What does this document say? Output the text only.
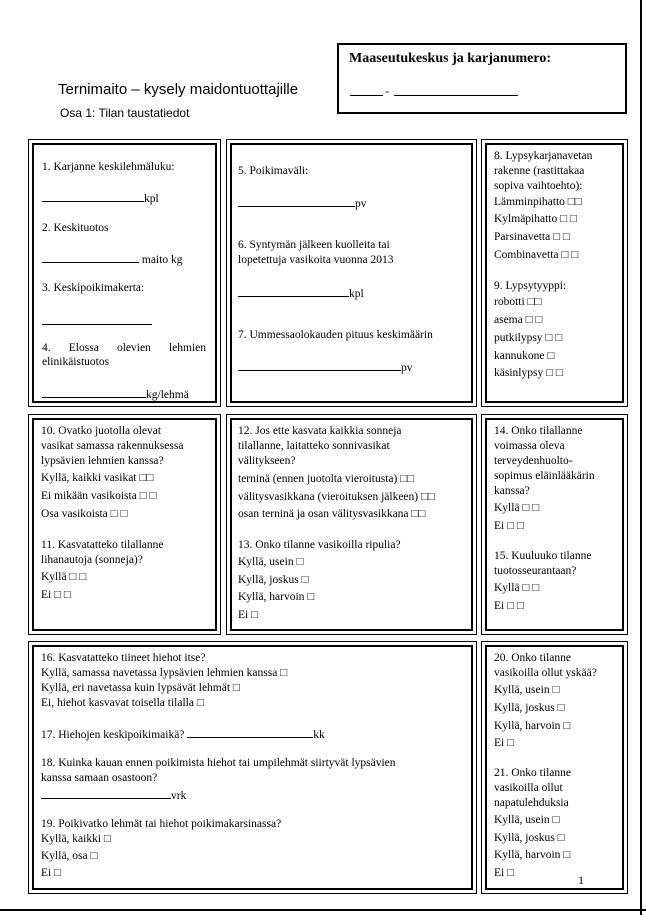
Ternimaito – kysely maidontuottajille
Osa 1: Tilan taustatiedot
Maaseutukeskus ja karjanumero:
-
1. Karjanne keskilehmäluku:
kpl
2. Keskituotos
maito kg
3. Keskipoikimakerta:
4. Elossa olevien lehmien
elinikäistuotos
kg/lehmä
5. Poikimaväli:
pv
6. Syntymän jälkeen kuolleita tai
lopetettuja vasikoita vuonna 2013
kpl
7. Ummessaolokauden pituus keskimäärin
pv
8. Lypsykarjanavetan
rakenne (rastittakaa
sopiva vaihtoehto):
Lämminpihatto □□
Kylmäpihatto □ □
Parsinavetta □ □
Combinavetta □ □
9. Lypsytyyppi:
robotti □□
asema □ □
putkilypsy □ □
kannukone □
käsinlypsy □ □
10. Ovatko juotolla olevat
vasikat samassa rakennuksessa
lypsävien lehmien kanssa?
Kyllä, kaikki vasikat □□
Ei mikään vasikoista □ □
Osa vasikoista □ □
11. Kasvatatteko tilallanne
lihanautoja (sonneja)?
Kyllä □ □
Ei □ □
12. Jos ette kasvata kaikkia sonneja
tilallanne, laitatteko sonnivasikat
välitykseen?
terninä (ennen juotolta vieroitusta) □□
välitysvasikkana (vieroituksen jälkeen) □□
osan terninä ja osan välitysvasikkana □□
13. Onko tilanne vasikoilla ripulia?
Kyllä, usein □
Kyllä, joskus □
Kyllä, harvoin □
Ei □
14. Onko tilallanne
voimassa oleva
terveydenhuolto-
sopimus eläinlääkärin
kanssa?
Kyllä □ □
Ei □ □
15. Kuuluuko tilanne
tuotosseurantaan?
Kyllä □ □
Ei □ □
16. Kasvatatteko tiineet hiehot itse?
Kyllä, samassa navetassa lypsävien lehmien kanssa □
Kyllä, eri navetassa kuin lypsävät lehmät □
Ei, hiehot kasvavat toisella tilalla □
17. Hiehojen keskipoikimaikä?	kk
18. Kuinka kauan ennen poikimista hiehot tai umpilehmät siirtyvät lypsävien
kanssa samaan osastoon?
vrk
19. Poikivatko lehmät tai hiehot poikimakarsinassa?
Kyllä, kaikki □
Kyllä, osa □
Ei □
20. Onko tilanne
vasikoilla ollut yskää?
Kyllä, usein □
Kyllä, joskus □
Kyllä, harvoin □
Ei □
21. Onko tilanne
vasikoilla ollut
napatulehduksia
Kyllä, usein □
Kyllä, joskus □
Kyllä, harvoin □
Ei □	1
